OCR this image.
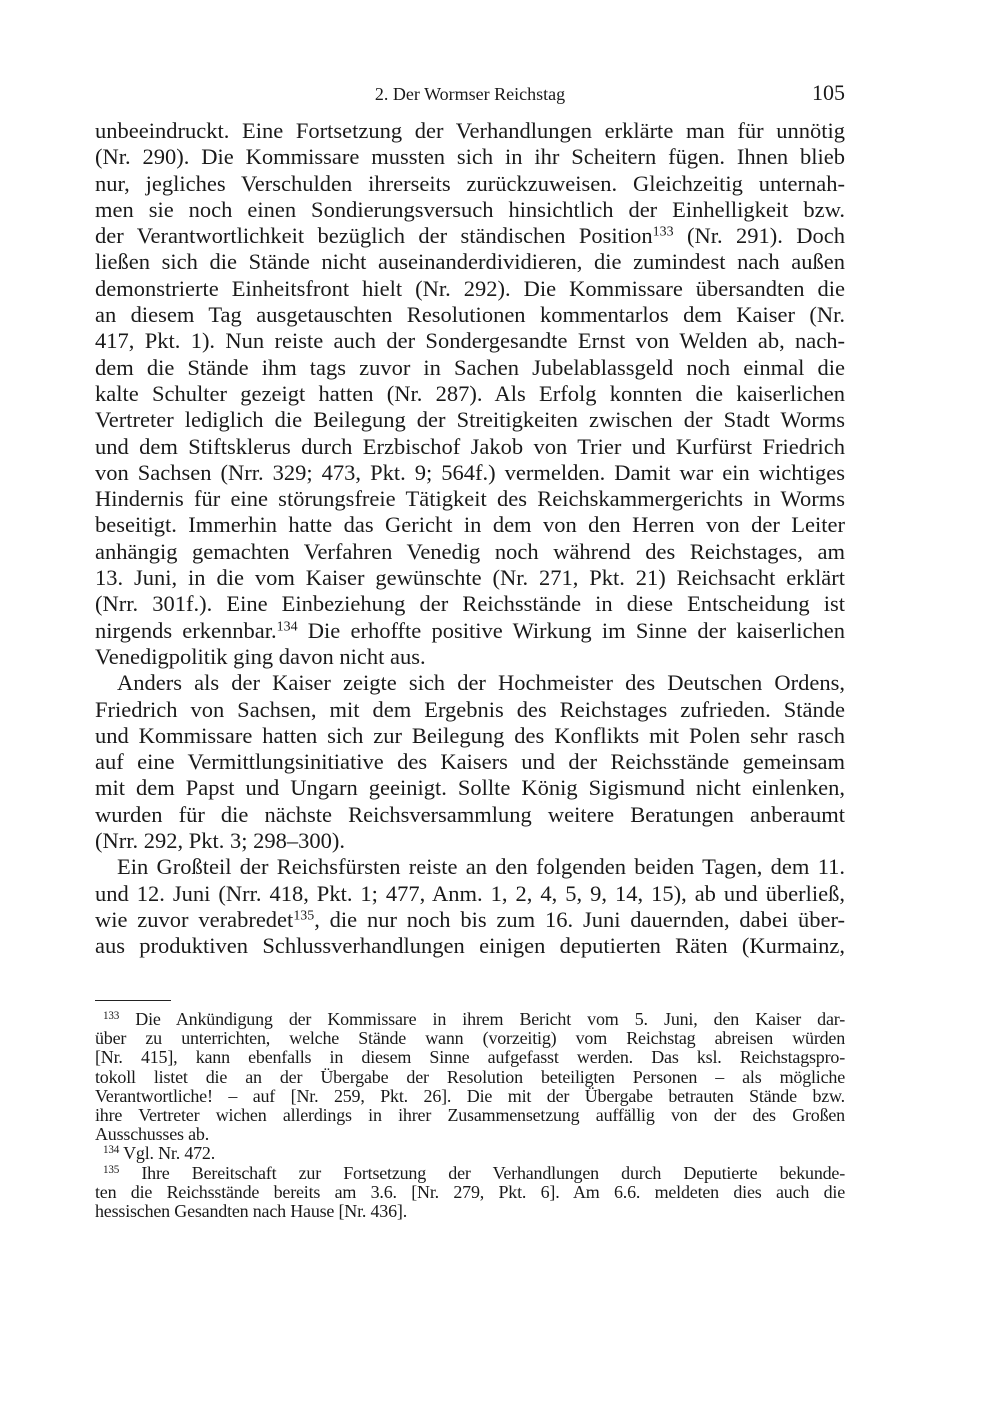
2. Der Wormser Reichstag	105
unbeeindruckt. Eine Fortsetzung der Verhandlungen erklärte man für unnötig
(Nr. 290). Die Kommissare mussten sich in ihr Scheitern fügen. Ihnen blieb
nur, jegliches Verschulden ihrerseits zurückzuweisen. Gleichzeitig unternah-
men sie noch einen Sondierungsversuch hinsichtlich der Einhelligkeit bzw.
der Verantwortlichkeit bezüglich der ständischen Position$^{133}$ (Nr. 291). Doch
ließen sich die Stände nicht auseinanderdividieren, die zumindest nach außen
demonstrierte Einheitsfront hielt (Nr. 292). Die Kommissare übersandten die
an diesem Tag ausgetauschten Resolutionen kommentarlos dem Kaiser (Nr.
417, Pkt. 1). Nun reiste auch der Sondergesandte Ernst von Welden ab, nach-
dem die Stände ihm tags zuvor in Sachen Jubelablassgeld noch einmal die
kalte Schulter gezeigt hatten (Nr. 287). Als Erfolg konnten die kaiserlichen
Vertreter lediglich die Beilegung der Streitigkeiten zwischen der Stadt Worms
und dem Stiftsklerus durch Erzbischof Jakob von Trier und Kurfürst Friedrich
von Sachsen (Nrr. 329; 473, Pkt. 9; 564f.) vermelden. Damit war ein wichtiges
Hindernis für eine störungsfreie Tätigkeit des Reichskammergerichts in Worms
beseitigt. Immerhin hatte das Gericht in dem von den Herren von der Leiter
anhängig gemachten Verfahren Venedig noch während des Reichstages, am
13. Juni, in die vom Kaiser gewünschte (Nr. 271, Pkt. 21) Reichsacht erklärt
(Nrr. 301f.). Eine Einbeziehung der Reichsstände in diese Entscheidung ist
nirgends erkennbar.$^{134}$ Die erhoffte positive Wirkung im Sinne der kaiserlichen
Venedigpolitik ging davon nicht aus.
Anders als der Kaiser zeigte sich der Hochmeister des Deutschen Ordens,
Friedrich von Sachsen, mit dem Ergebnis des Reichstages zufrieden. Stände
und Kommissare hatten sich zur Beilegung des Konflikts mit Polen sehr rasch
auf eine Vermittlungsinitiative des Kaisers und der Reichsstände gemeinsam
mit dem Papst und Ungarn geeinigt. Sollte König Sigismund nicht einlenken,
wurden für die nächste Reichsversammlung weitere Beratungen anberaumt
(Nrr. 292, Pkt. 3; 298–300).
Ein Großteil der Reichsfürsten reiste an den folgenden beiden Tagen, dem 11.
und 12. Juni (Nrr. 418, Pkt. 1; 477, Anm. 1, 2, 4, 5, 9, 14, 15), ab und überließ,
wie zuvor verabredet$^{135}$, die nur noch bis zum 16. Juni dauernden, dabei über-
aus produktiven Schlussverhandlungen einigen deputierten Räten (Kurmainz,
$^{133}$ Die Ankündigung der Kommissare in ihrem Bericht vom 5. Juni, den Kaiser dar-
über zu unterrichten, welche Stände wann (vorzeitig) vom Reichstag abreisen würden
[Nr. 415], kann ebenfalls in diesem Sinne aufgefasst werden. Das ksl. Reichstagspro-
tokoll listet die an der Übergabe der Resolution beteiligten Personen – als mögliche
Verantwortliche! – auf [Nr. 259, Pkt. 26]. Die mit der Übergabe betrauten Stände bzw.
ihre Vertreter wichen allerdings in ihrer Zusammensetzung auffällig von der des Großen
Ausschusses ab.
$^{134}$ Vgl. Nr. 472.
$^{135}$ Ihre Bereitschaft zur Fortsetzung der Verhandlungen durch Deputierte bekunde-
ten die Reichsstände bereits am 3.6. [Nr. 279, Pkt. 6]. Am 6.6. meldeten dies auch die
hessischen Gesandten nach Hause [Nr. 436].
